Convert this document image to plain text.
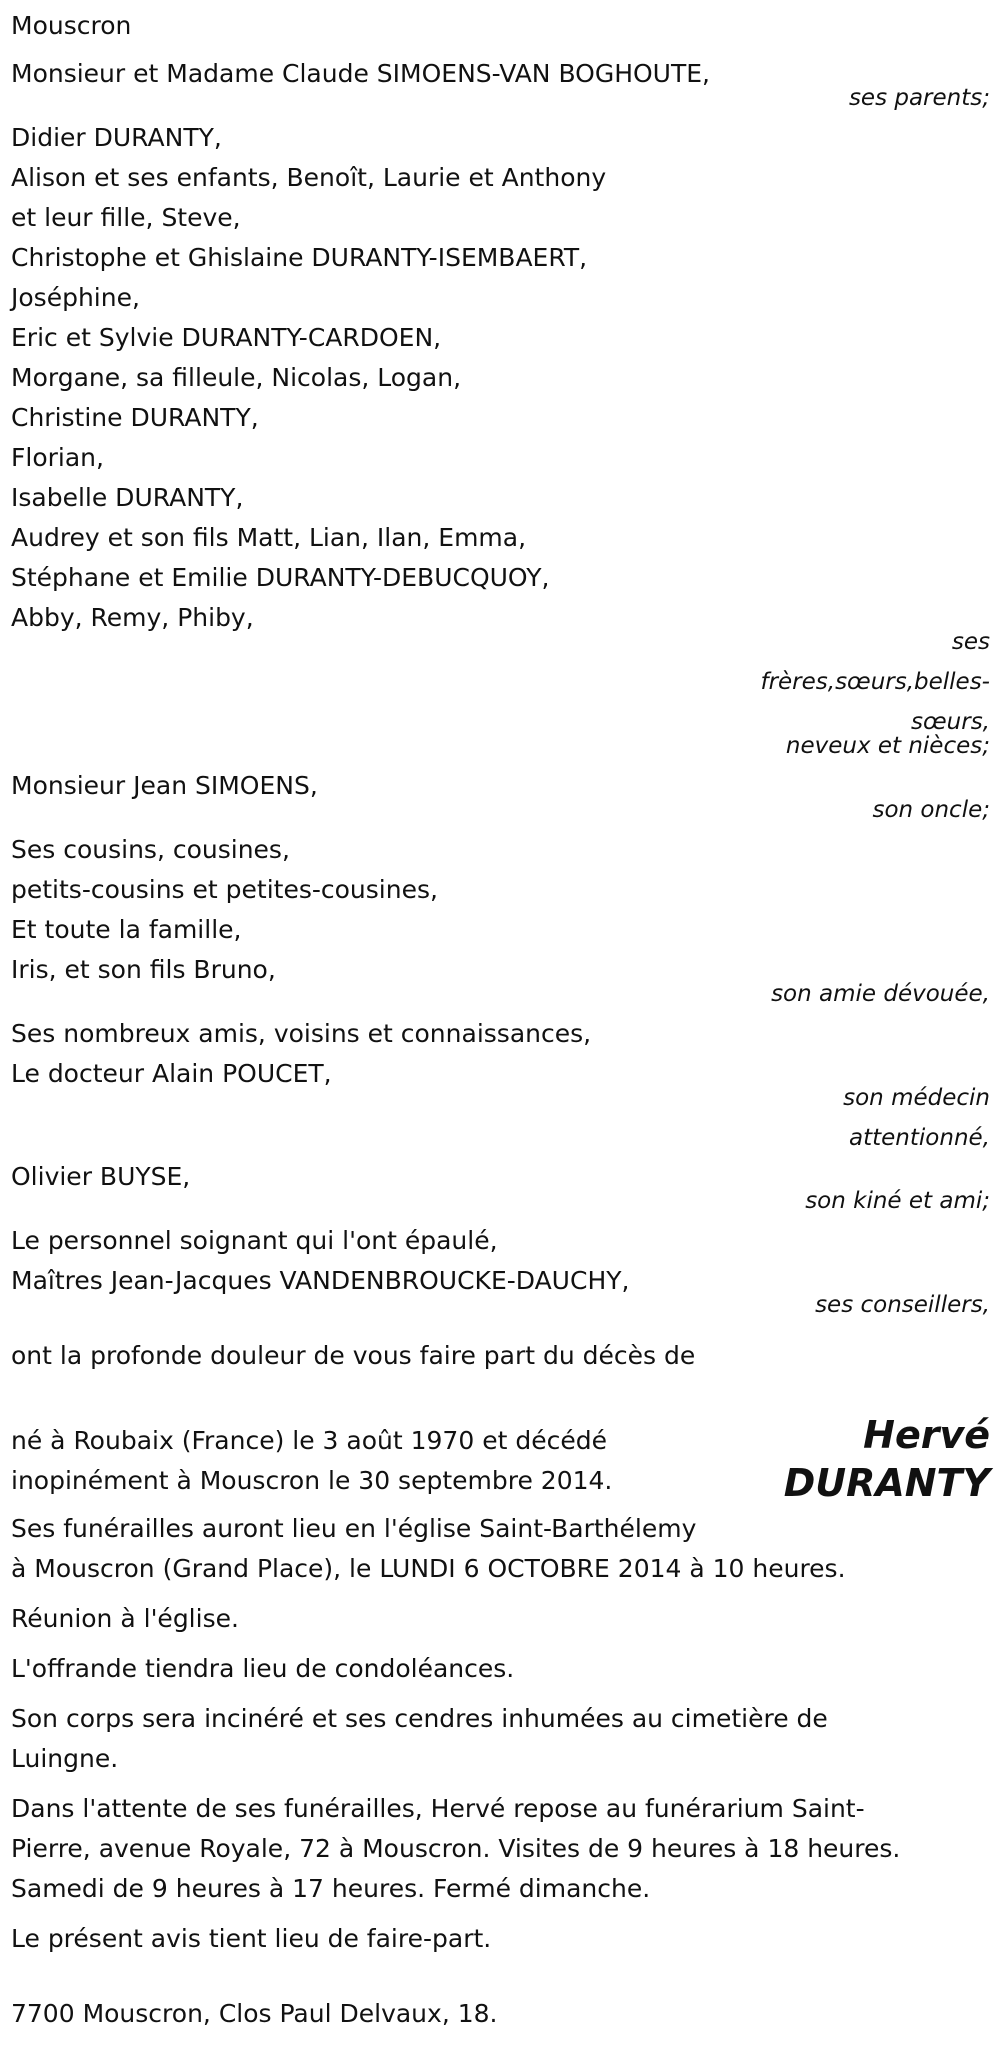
Mouscron
Monsieur et Madame Claude SIMOENS-VAN BOGHOUTE,
Didier DURANTY,
Alison et ses enfants, Benoît, Laurie et Anthony
et leur fille, Steve,
Christophe et Ghislaine DURANTY-ISEMBAERT,
Joséphine,
Eric et Sylvie DURANTY-CARDOEN,
Morgane, sa filleule, Nicolas, Logan,
Christine DURANTY,
Florian,
Isabelle DURANTY,
Audrey et son fils Matt, Lian, Ilan, Emma,
Stéphane et Emilie DURANTY-DEBUCQUOY,
Abby, Remy, Phiby,
Monsieur Jean SIMOENS,
Ses cousins, cousines,
petits-cousins et petites-cousines,
Et toute la famille,
Iris, et son fils Bruno,
Ses nombreux amis, voisins et connaissances,
Le docteur Alain POUCET,
Olivier BUYSE,
Le personnel soignant qui l'ont épaulé,
Maîtres Jean-Jacques VANDENBROUCKE-DAUCHY,
ont la profonde douleur de vous faire part du décès de
né à Roubaix (France) le 3 août 1970 et décédé
inopinément à Mouscron le 30 septembre 2014.
Ses funérailles auront lieu en l'église Saint-Barthélemy
à Mouscron (Grand Place), le LUNDI 6 OCTOBRE 2014 à 10 heures.
Réunion à l'église.
L'offrande tiendra lieu de condoléances.
Son corps sera incinéré et ses cendres inhumées au cimetière de
Luingne.
Dans l'attente de ses funérailles, Hervé repose au funérarium Saint-
Pierre, avenue Royale, 72 à Mouscron. Visites de 9 heures à 18 heures.
Samedi de 9 heures à 17 heures. Fermé dimanche.
Le présent avis tient lieu de faire-part.
7700 Mouscron, Clos Paul Delvaux, 18.
ses parents;
ses
frères,sœurs,belles-
sœurs,
neveux et nièces;
son oncle;
son amie dévouée,
son médecin
attentionné,
son kiné et ami;
ses conseillers,
Hervé
DURANTY
